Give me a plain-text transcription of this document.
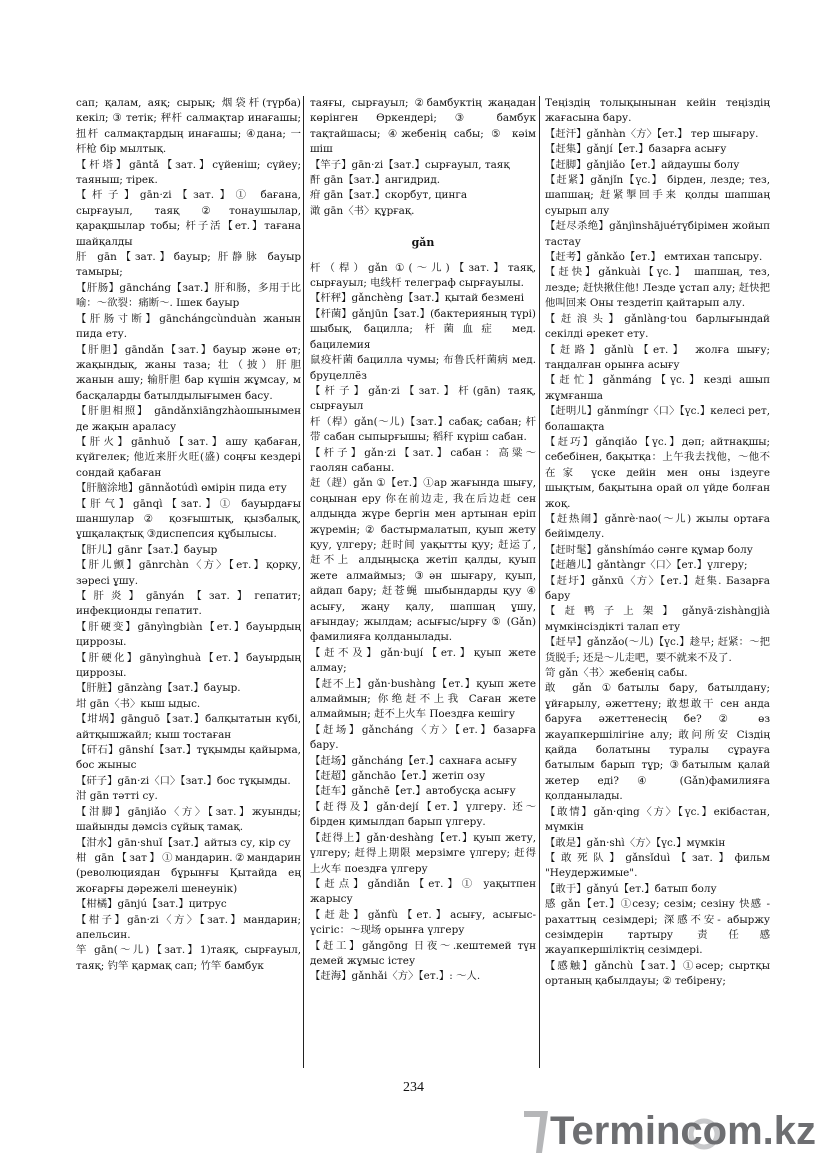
сап; қалам, аяқ; сырық; 烟袋杆(түрба) кекіл; ③ тетік; 秤杆 салмақтар инағашы; 扭杆 салмақтардың инағашы; ④дана; 一杆枪 бір мылтық.

【杆塔】gāntǎ【зат.】сүйеніш; сүйеу; таяныш; тірек.

【杆子】gān·zi【зат.】① бағана, сырғауыл, таяқ ②тонаушылар, қарақшылар тобы; 杆子活【ет.】тағана шайқалды

肝 gān【зат.】бауыр; 肝静脉 бауыр тамыры;

【肝肠】gāncháng【зат.】肝和肠，多用于比喻：～欲裂：痛断～. Ішек бауыр

【肝肠寸断】gānchángcùnduàn жанын пида ету.

【肝胆】gāndǎn【зат.】бауыр және өт; жақындық, жаны таза; 壮（披）肝胆 жанын ашу; 输肝胆 бар күшін жұмсау, м басқаларды батылдылығымен басу.

【肝胆相照】 gāndǎnxiāngzhàoшынымен де жақын араласу

【肝火】gānhuǒ【зат.】ашу қабаған, күйгелек; 他近来肝火旺(盛) соңғы кездері сондай қабаған

【肝脑涂地】gānnǎotúdì өмірін пида ету

【肝气】gānqì【зат.】① бауырдағы шаншулар ② қозғыштық, қызбалық, ұшқалақтық ③диспепсия құбылысы.

【肝儿】gānr【зат.】бауыр

【肝儿颤】gānrchàn〈方〉【ет.】қорқу, зәресі ұшу.

【肝炎】gānyán【зат.】гепатит; инфекционды гепатит.

【肝硬变】gānyìngbiàn【ет.】бауырдың циррозы.

【肝硬化】gānyìnghuà【ет.】бауырдың циррозы.

【肝脏】gānzàng【зат.】бауыр.

坩 gān〈书〉кыш ыдыс.

【坩埚】gānguō【зат.】балқытатын күбі, айтқышжайл; кыш тостаған

【矸石】gānshí【зат.】тұқымды қайырма, бос жыныс

【矸子】gān·zi〈口〉【зат.】бос тұқымды.

泔 gān тәтті су.

【泔脚】gānjiǎo〈方〉【зат.】жуынды; шайынды дәмсіз сұйық тамақ.

【泔水】gān·shuǐ【зат.】айтыз су, кір су

柑 gān【зат】①мандарин.②мандарин (революциядан бұрынғы Қытайда ең жоғарғы дәрежелі шенеунік)

【柑橘】gānjú【зат.】цитрус

【柑子】gān·zi〈方〉【зат.】мандарин; апельсин.

竿 gān(～儿)【зат.】1)таяқ, сырғауыл, таяқ; 钓竿 қармақ сап; 竹竿 бамбук

таяғы, сырғауыл; ②бамбуктің жаңадан көрінген Өркендері; ③ бамбук тақтайшасы; ④жебенің сабы; ⑤ кәім шіш

【竿子】gān·zi【зат.】сырғауыл, таяқ

酐 gān【зат.】ангидрид.

疳 gān【зат.】скорбут, цинга

澉 gān〈书〉құрғақ.

gǎn

杆（桿）gǎn ①(～儿)【зат.】таяқ, сырғауыл; 电线杆 телеграф сырғауылы.

【杆秤】gǎnchèng【зат.】қытай безмені

【杆菌】gǎnjūn【зат.】(бактерияның түрі) шыбық, бацилла; 杆菌血症 мед. бацилемия

鼠疫杆菌 бацилла чумы; 布鲁氏杆菌病 мед. бруцеллёз

【杆子】gǎn·zi【зат.】杆(gān) таяқ, сырғауыл

杆（桿）gǎn(～儿)【зат.】сабақ; сабан; 杆带 сабан сыпырғышы; 稻秆 күріш сабан.

【杆子】gǎn·zi【зат.】сабан：高粱～ гаолян сабаны.

赶（趕）gǎn ①【ет.】①ар жағында шығу, соңынан еру 你在前边走, 我在后边赶 сен алдыңда жүре бергін мен артынан еріп жүремін; ② бастырмалатып, қуып жету қуу, үлгеру; 赶时间 уақытты қуу; 赶运了, 赶不上 алдыңысқа жетіп қалды, қуып жете алмаймыз; ③ән шығару, қуып, айдап бару; 赶苍蝇 шыбындарды қуу ④ асығу, жаңу қалу, шапшаң ұшу, ағындау; жылдам; асығыс/ырғу ⑤ (Gǎn) фамилияға қолданылады.

【赶不及】gǎn·bují【ет.】қуып жете алмау;

【赶不上】gǎn·bushàng【ет.】қуып жете алмаймын; 你绝赶不上我 Саған жете алмаймын; 赶不上火车 Поездға кешігу

【赶场】gǎncháng〈方〉【ет.】базарға бару.

【赶场】gǎncháng【ет.】сахнаға асығу

【赶超】gǎnchāo【ет.】жетіп озу

【赶车】gǎnchē【ет.】автобусқа асығу

【赶得及】gǎn·dejí【ет.】үлгеру. 还～ бірден қимылдап барып үлгеру.

【赶得上】gǎn·deshàng【ет.】қуып жету, үлгеру; 赶得上期限 мерзімге үлгеру; 赶得上火车 поездға үлгеру

【赶点】gǎndiǎn【ет.】① уақытпен жарысу

【赶赴】gǎnfù【ет.】асығу, асығыс-үсігіс：～现场 орынға үлгеру

【赶工】gǎngōng 日夜～.кештемей түн демей жұмыс істеу

【赶海】gǎnhǎi〈方〉【ет.】: ～人.

Теңіздің толықынынан кейін теңіздің жағасына бару.

【赶汗】gǎnhàn〈方〉【ет.】 тер шығару.

【赶集】gǎnjí【ет.】базарға асығу

【赶脚】gǎnjiǎo【ет.】айдаушы болу

【赶紧】gǎnjǐn【үс.】 бірден, лезде; тез, шапшаң; 赶紧掣回手来 қолды шапшаң суырып алу

【赶尽杀绝】gǎnjìnshājuéтүбірімен жойып тастау

【赶考】gǎnkǎo【ет.】 емтихан тапсыру.

【赶快】gǎnkuài【үс.】 шапшаң, тез, лезде; 赶快揪住他! Лезде ұстап алу; 赶快把他叫回来 Оны тездетіп қайтарып алу.

【赶浪头】gǎnlàng·tou барлығындай секілді әрекет ету.

【赶路】gǎnlù【ет.】 жолға шығу; таңдалған орынға асығу

【赶忙】gǎnmáng【үс.】кезді ашып жұмғанша

【赶明儿】gǎnmíngr〈口〉【үс.】келесі рет, болашақта

【赶巧】gǎnqiǎo【үс.】дәп; айтнақшы; себебінен, бақытқа：上午我去找他，～他不在家 үске дейін мен оны іздеуге шықтым, бақытына орай ол үйде болған жоқ.

【赶热闹】gǎnrè·nao(～儿) жылы ортаға бейімделу.

【赶时髦】gǎnshímáo сәнге құмар болу

【赶趟儿】gǎntàngr〈口〉【ет.】үлгеру;

【赶圩】gǎnxū〈方〉【ет.】赶集. Базарға бару

【赶鸭子上架】gǎnyā·zishàngjià мүмкінсіздікті талап ету

【赶早】gǎnzǎo(～儿)【үс.】趁早; 赶紧：～把货脱手; 还是～儿走吧，要不就来不及了.

笴 gǎn〈书〉жебенің сабы.

敢 gǎn ①батылы бару, батылдану; ұйғарылу, әжеттену; 敢想敢干 сен анда баруға әжеттенесің бе? ② өз жауапкершілігіне алу; 敢问所安 Сіздің қайда болатыны туралы сұрауға батылым барып тұр; ③батылым қалай жетер еді? ④ (Gǎn)фамилияға қолданылады.

【敢情】gǎn·qing〈方〉【үс.】екібастан, мүмкін

【敢是】gǎn·shì〈方〉【үс.】мүмкін

【敢死队】gǎnsǐduì【зат.】фильм "Неудержимые".

【敢于】gǎnyú【ет.】батып болу

感 gǎn【ет.】①сезу; сезім; сезіну 快感 - рахаттың сезімдері; 深感不安- абыржу сезімдерін тартыру 责任感 жауапкершіліктің сезімдері.

【感触】gǎnchù【зат.】①әсер; сыртқы ортаның қабылдауы; ② тебірену;

234
Termincom.kz
